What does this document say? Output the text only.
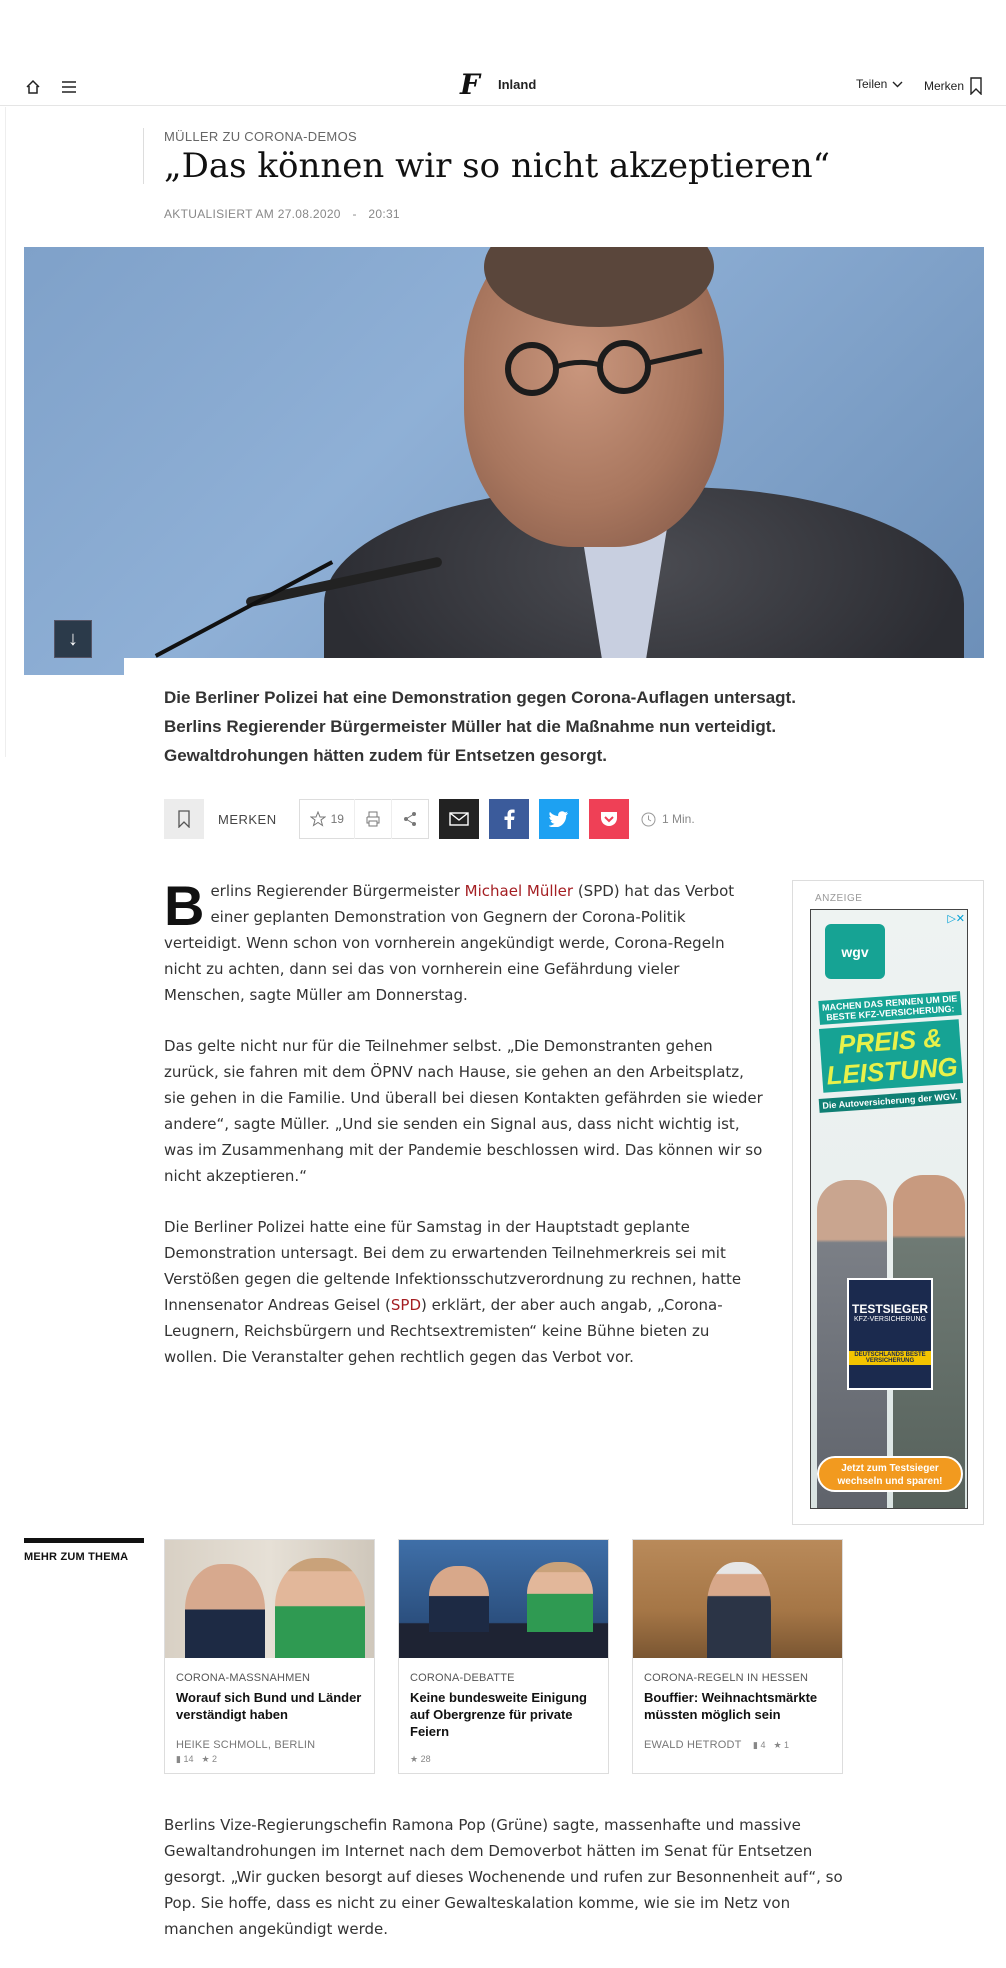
F Inland	Teilen	Merken
MÜLLER ZU CORONA-DEMOS
„Das können wir so nicht akzeptieren“
AKTUALISIERT AM 27.08.2020 - 20:31
↓

Die Berliner Polizei hat eine Demonstration gegen Corona-Auflagen untersagt. Berlins Regierender Bürgermeister Müller hat die Maßnahme nun verteidigt. Gewaltdrohungen hätten zudem für Entsetzen gesorgt.

MERKEN	19	1 Min.

Berlins Regierender Bürgermeister Michael Müller (SPD) hat das Verbot einer geplanten Demonstration von Gegnern der Corona-Politik verteidigt. Wenn schon von vornherein angekündigt werde, Corona-Regeln nicht zu achten, dann sei das von vornherein eine Gefährdung vieler Menschen, sagte Müller am Donnerstag.

Das gelte nicht nur für die Teilnehmer selbst. „Die Demonstranten gehen zurück, sie fahren mit dem ÖPNV nach Hause, sie gehen an den Arbeitsplatz, sie gehen in die Familie. Und überall bei diesen Kontakten gefährden sie wieder andere“, sagte Müller. „Und sie senden ein Signal aus, dass nicht wichtig ist, was im Zusammenhang mit der Pandemie beschlossen wird. Das können wir so nicht akzeptieren.“

Die Berliner Polizei hatte eine für Samstag in der Hauptstadt geplante Demonstration untersagt. Bei dem zu erwartenden Teilnehmerkreis sei mit Verstößen gegen die geltende Infektionsschutzverordnung zu rechnen, hatte Innensenator Andreas Geisel (SPD) erklärt, der aber auch angab, „Corona-Leugnern, Reichsbürgern und Rechtsextremisten“ keine Bühne bieten zu wollen. Die Veranstalter gehen rechtlich gegen das Verbot vor.

ANZEIGE
▷✕
wgv
MACHEN DAS RENNEN UM DIE BESTE KFZ-VERSICHERUNG:
PREIS & LEISTUNG
Die Autoversicherung der WGV.
TESTSIEGER
KFZ-VERSICHERUNG
DEUTSCHLANDS BESTE VERSICHERUNG
Jetzt zum Testsieger wechseln und sparen!
MEHR ZUM THEMA
CORONA-MASSNAHMEN
Worauf sich Bund und Länder verständigt haben
HEIKE SCHMOLL, BERLIN
▮ 14 ★ 2
CORONA-DEBATTE
Keine bundesweite Einigung auf Obergrenze für private Feiern
★ 28
CORONA-REGELN IN HESSEN
Bouffier: Weihnachtsmärkte müssten möglich sein
EWALD HETRODT ▮ 4 ★ 1

Berlins Vize-Regierungschefin Ramona Pop (Grüne) sagte, massenhafte und massive Gewaltandrohungen im Internet nach dem Demoverbot hätten im Senat für Entsetzen gesorgt. „Wir gucken besorgt auf dieses Wochenende und rufen zur Besonnenheit auf“, so Pop. Sie hoffe, dass es nicht zu einer Gewalteskalation komme, wie sie im Netz von manchen angekündigt werde.
